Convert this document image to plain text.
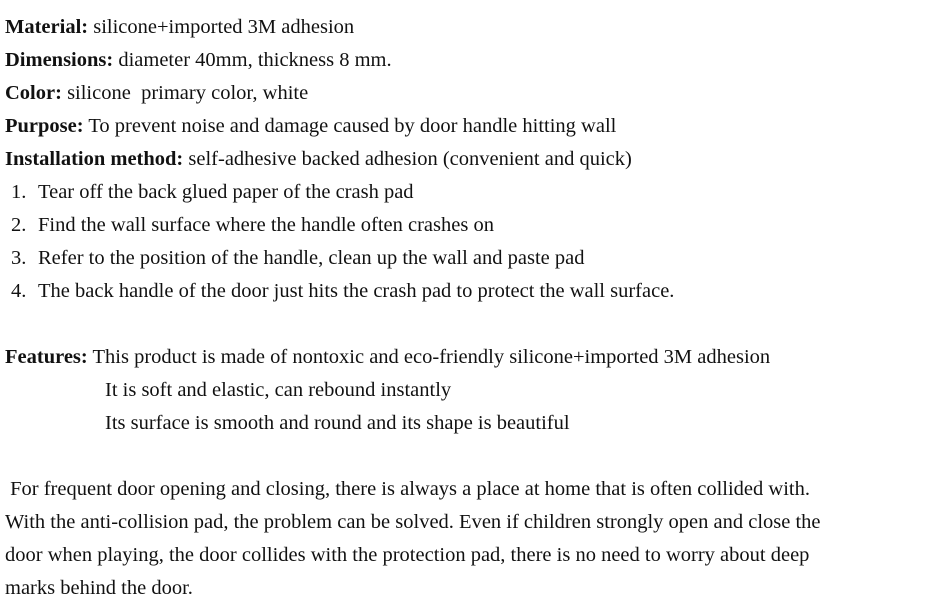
Material: silicone+imported 3M adhesion
Dimensions: diameter 40mm, thickness 8 mm.
Color: silicone  primary color, white
Purpose: To prevent noise and damage caused by door handle hitting wall
Installation method: self-adhesive backed adhesion (convenient and quick)
1. Tear off the back glued paper of the crash pad
2. Find the wall surface where the handle often crashes on
3. Refer to the position of the handle, clean up the wall and paste pad
4. The back handle of the door just hits the crash pad to protect the wall surface.
Features: This product is made of nontoxic and eco-friendly silicone+imported 3M adhesion
It is soft and elastic, can rebound instantly
Its surface is smooth and round and its shape is beautiful
For frequent door opening and closing, there is always a place at home that is often collided with.
With the anti-collision pad, the problem can be solved. Even if children strongly open and close the
door when playing, the door collides with the protection pad, there is no need to worry about deep
marks behind the door.
